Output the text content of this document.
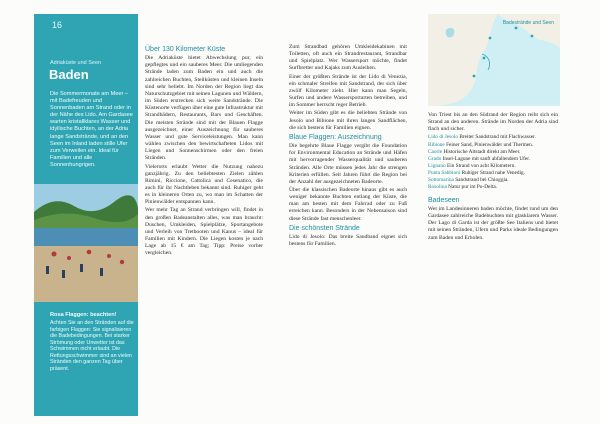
16
Adriaküste und Seen
Baden
Die Sommermonate am Meer – mit Badefreuden und Sonnenbaden am Strand oder in der Nähe des Lido. Am Gardasee warten kristallklares Wasser und idyllische Buchten, an der Adria lange Sandstrände, und an den Seen im Inland laden stille Ufer zum Verweilen ein. Ideal für Familien und alle Sonnenhungrigen.
Rosa Flaggen: beachten!
Achten Sie an den Stränden auf die farbigen Flaggen: Sie signalisieren die Badebedingungen. Bei starker Strömung oder Unwetter ist das Schwimmen nicht erlaubt. Die Rettungsschwimmer sind an vielen Stränden den ganzen Tag über präsent.
Über 130 Kilometer Küste

Die Adriaküste bietet Abwechslung pur, ein gepflegtes und ein sauberes Meer. Die umliegenden Strände laden zum Baden ein und auch die zahlreichen Buchten, Steilküsten und kleinen Inseln sind sehr beliebt. Im Norden der Region liegt das Naturschutzgebiet mit seinen Lagunen und Wäldern, im Süden erstrecken sich weite Sandstrände. Die Küstenorte verfügen über eine gute Infrastruktur mit Strandbädern, Restaurants, Bars und Geschäften. Die meisten Strände sind mit der Blauen Flagge ausgezeichnet, einer Auszeichnung für sauberes Wasser und gute Serviceleistungen. Man kann wählen zwischen den bewirtschafteten Lidos mit Liegen und Sonnenschirmen oder den freien Stränden.

Vielerorts erlaubt Wetter die Nutzung nahezu ganzjährig. Zu den beliebtesten Zielen zählen Rimini, Riccione, Cattolica und Cesenatico, die auch für ihr Nachtleben bekannt sind. Ruhiger geht es in kleineren Orten zu, wo man im Schatten der Pinienwälder entspannen kann.

Wer mehr Tag an Strand verbringen will, findet in den großen Badeanstalten alles, was man braucht: Duschen, Umkleiden, Spielplätze, Sportangebote und Verleih von Tretbooten und Kanus – ideal für Familien mit Kindern. Die Liegen kosten je nach Lage ab 15 € am Tag; Tipp: Preise vorher vergleichen.

Zum Strandbad gehören Umkleidekabinen mit Toiletten, oft auch ein Strandrestaurant, Strandbar und Spielplatz. Wer Wassersport möchte, findet Surfbretter und Kajaks zum Ausleihen.

Einer der größten Strände ist der Lido di Venezia, ein schmaler Streifen mit Sandstrand, der sich über zwölf Kilometer zieht. Hier kann man Segeln, Surfen und andere Wassersportarten betreiben, und im Sommer herrscht reger Betrieb.

Weiter im Süden gibt es die beliebten Strände von Jesolo und Bibione mit ihren langen Sandflächen, die sich bestens für Familien eignen.

Blaue Flaggen: Auszeichnung

Die begehrte Blaue Flagge vergibt die Foundation for Environmental Education an Strände und Häfen mit hervorragender Wasserqualität und sauberen Stränden. Alle Orte müssen jedes Jahr die strengen Kriterien erfüllen. Seit Jahren führt die Region bei der Anzahl der ausgezeichneten Badeorte.

Über die klassischen Badeorte hinaus gibt es auch weniger bekannte Buchten entlang der Küste, die man am besten mit dem Fahrrad oder zu Fuß erreichen kann. Besonders in der Nebensaison sind diese Strände fast menschenleer.

Die schönsten Strände

Lido di Jesolo: Das breite Sandband eignet sich bestens für Familien.

Badestrände und Seen

Von Triest bis an den Südrand der Region reiht sich ein Strand an den anderen. Strände im Norden der Adria sind flach und sicher.

Lido di Jesolo Breiter Sandstrand mit Flachwasser.
Bibione Feiner Sand, Pinienwälder und Thermen.
Caorle Historische Altstadt direkt am Meer.
Grado Insel-Lagune mit sanft abfallendem Ufer.
Lignano Ein Strand von acht Kilometern.
Punta Sabbioni Ruhiger Strand nahe Venedig.
Sottomarina Sandstrand bei Chioggia.
Rosolina Natur pur im Po-Delta.
Badeseen

Wer im Landesinneren baden möchte, findet rund um den Gardasee zahlreiche Badebuchten mit glasklarem Wasser. Der Lago di Garda ist der größte See Italiens und bietet mit seinen Stränden, Ufern und Parks ideale Bedingungen zum Baden und Erholen.
